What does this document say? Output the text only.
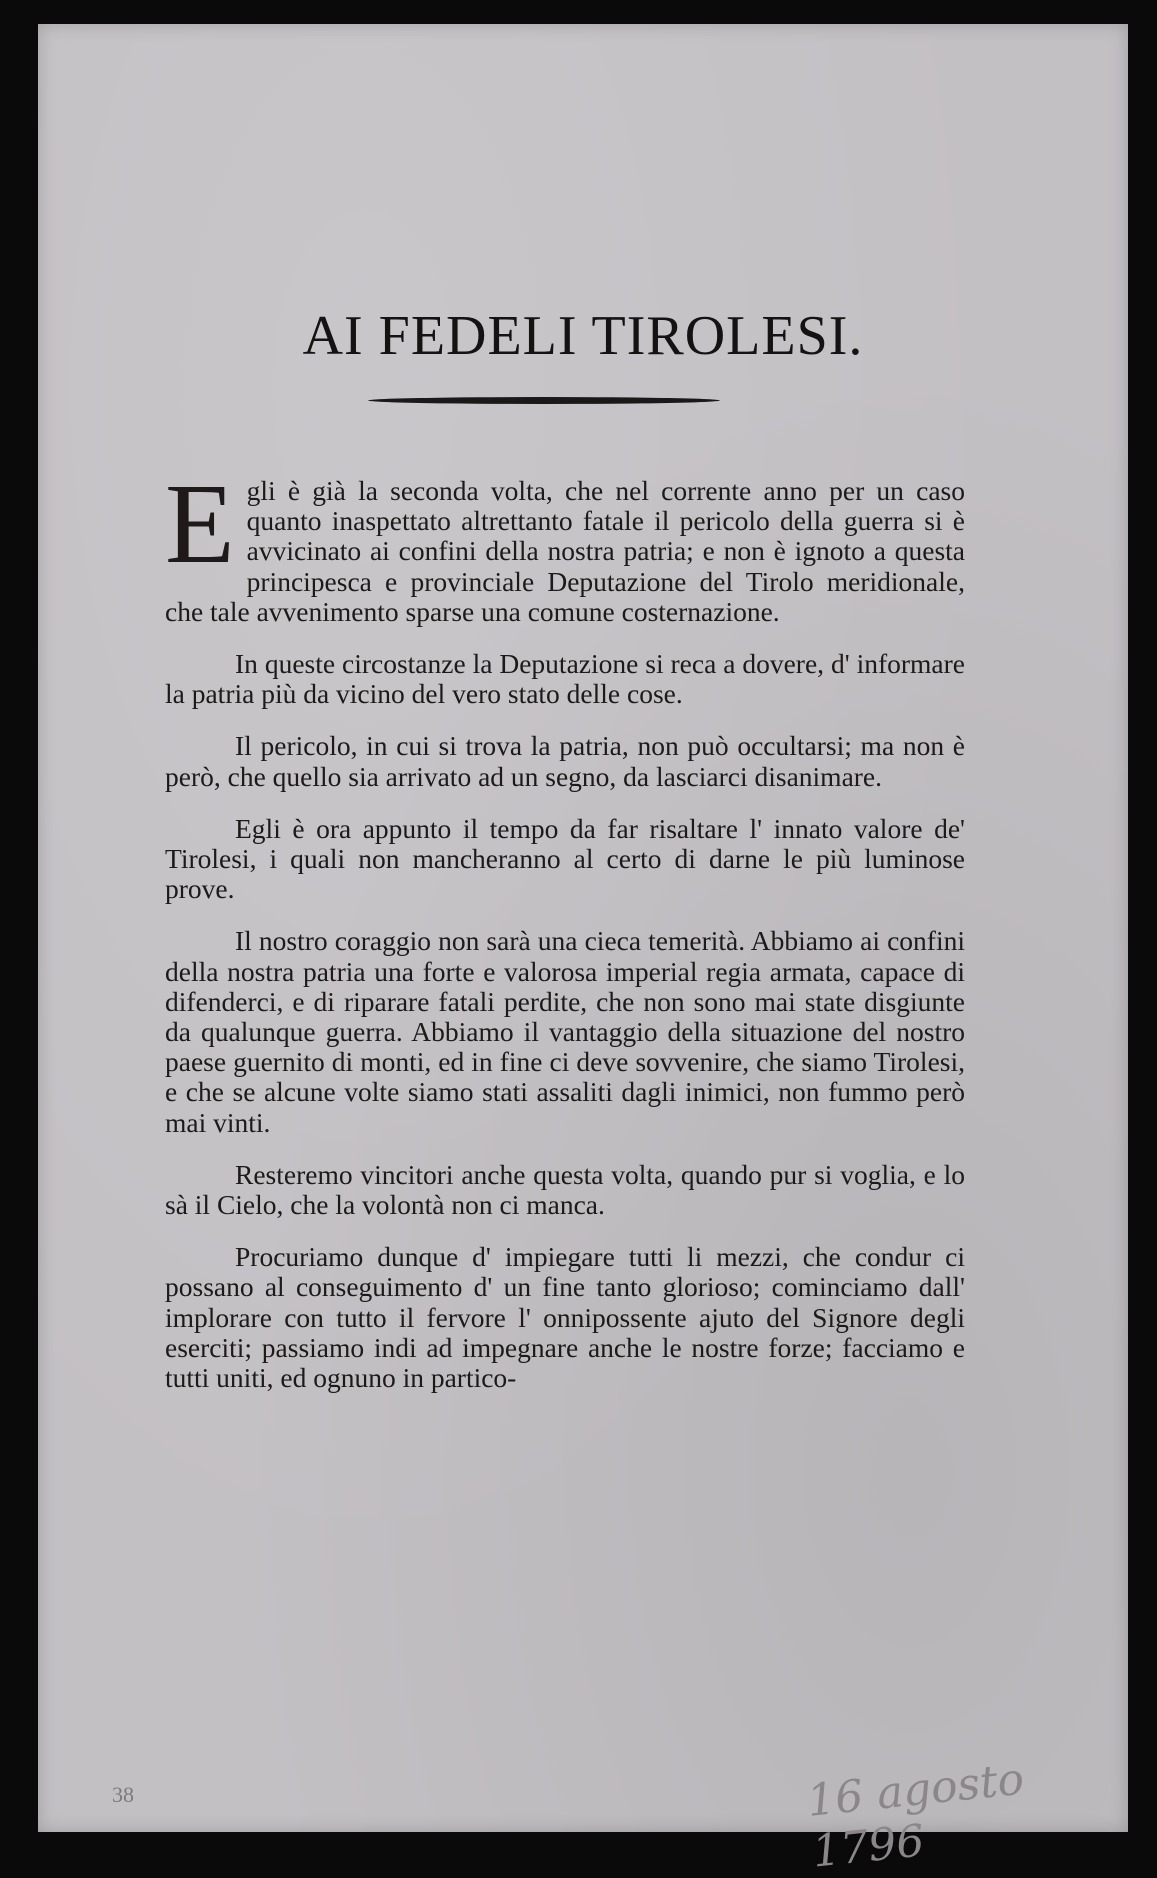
AI FEDELI TIROLESI.

Egli è già la seconda volta, che nel corrente anno per un caso quanto inaspettato altrettanto fatale il pericolo della guerra si è avvicinato ai confini della nostra patria; e non è ignoto a questa principesca e provinciale Deputazione del Tirolo meridionale, che tale avvenimento sparse una comune costernazione.

In queste circostanze la Deputazione si reca a dovere, d' informare la patria più da vicino del vero stato delle cose.

Il pericolo, in cui si trova la patria, non può occultarsi; ma non è però, che quello sia arrivato ad un segno, da lasciarci disanimare.

Egli è ora appunto il tempo da far risaltare l' innato valore de' Tirolesi, i quali non mancheranno al certo di darne le più luminose prove.

Il nostro coraggio non sarà una cieca temerità. Abbiamo ai confini della nostra patria una forte e valorosa imperial regia armata, capace di difenderci, e di riparare fatali perdite, che non sono mai state disgiunte da qualunque guerra. Abbiamo il vantaggio della situazione del nostro paese guernito di monti, ed in fine ci deve sovvenire, che siamo Tirolesi, e che se alcune volte siamo stati assaliti dagli inimici, non fummo però mai vinti.

Resteremo vincitori anche questa volta, quando pur si voglia, e lo sà il Cielo, che la volontà non ci manca.

Procuriamo dunque d' impiegare tutti li mezzi, che condur ci possano al conseguimento d' un fine tanto glorioso; cominciamo dall' implorare con tutto il fervore l' onnipossente ajuto del Signore degli eserciti; passiamo indi ad impegnare anche le nostre forze; facciamo e tutti uniti, ed ognuno in partico-

38	16 agosto 1796
